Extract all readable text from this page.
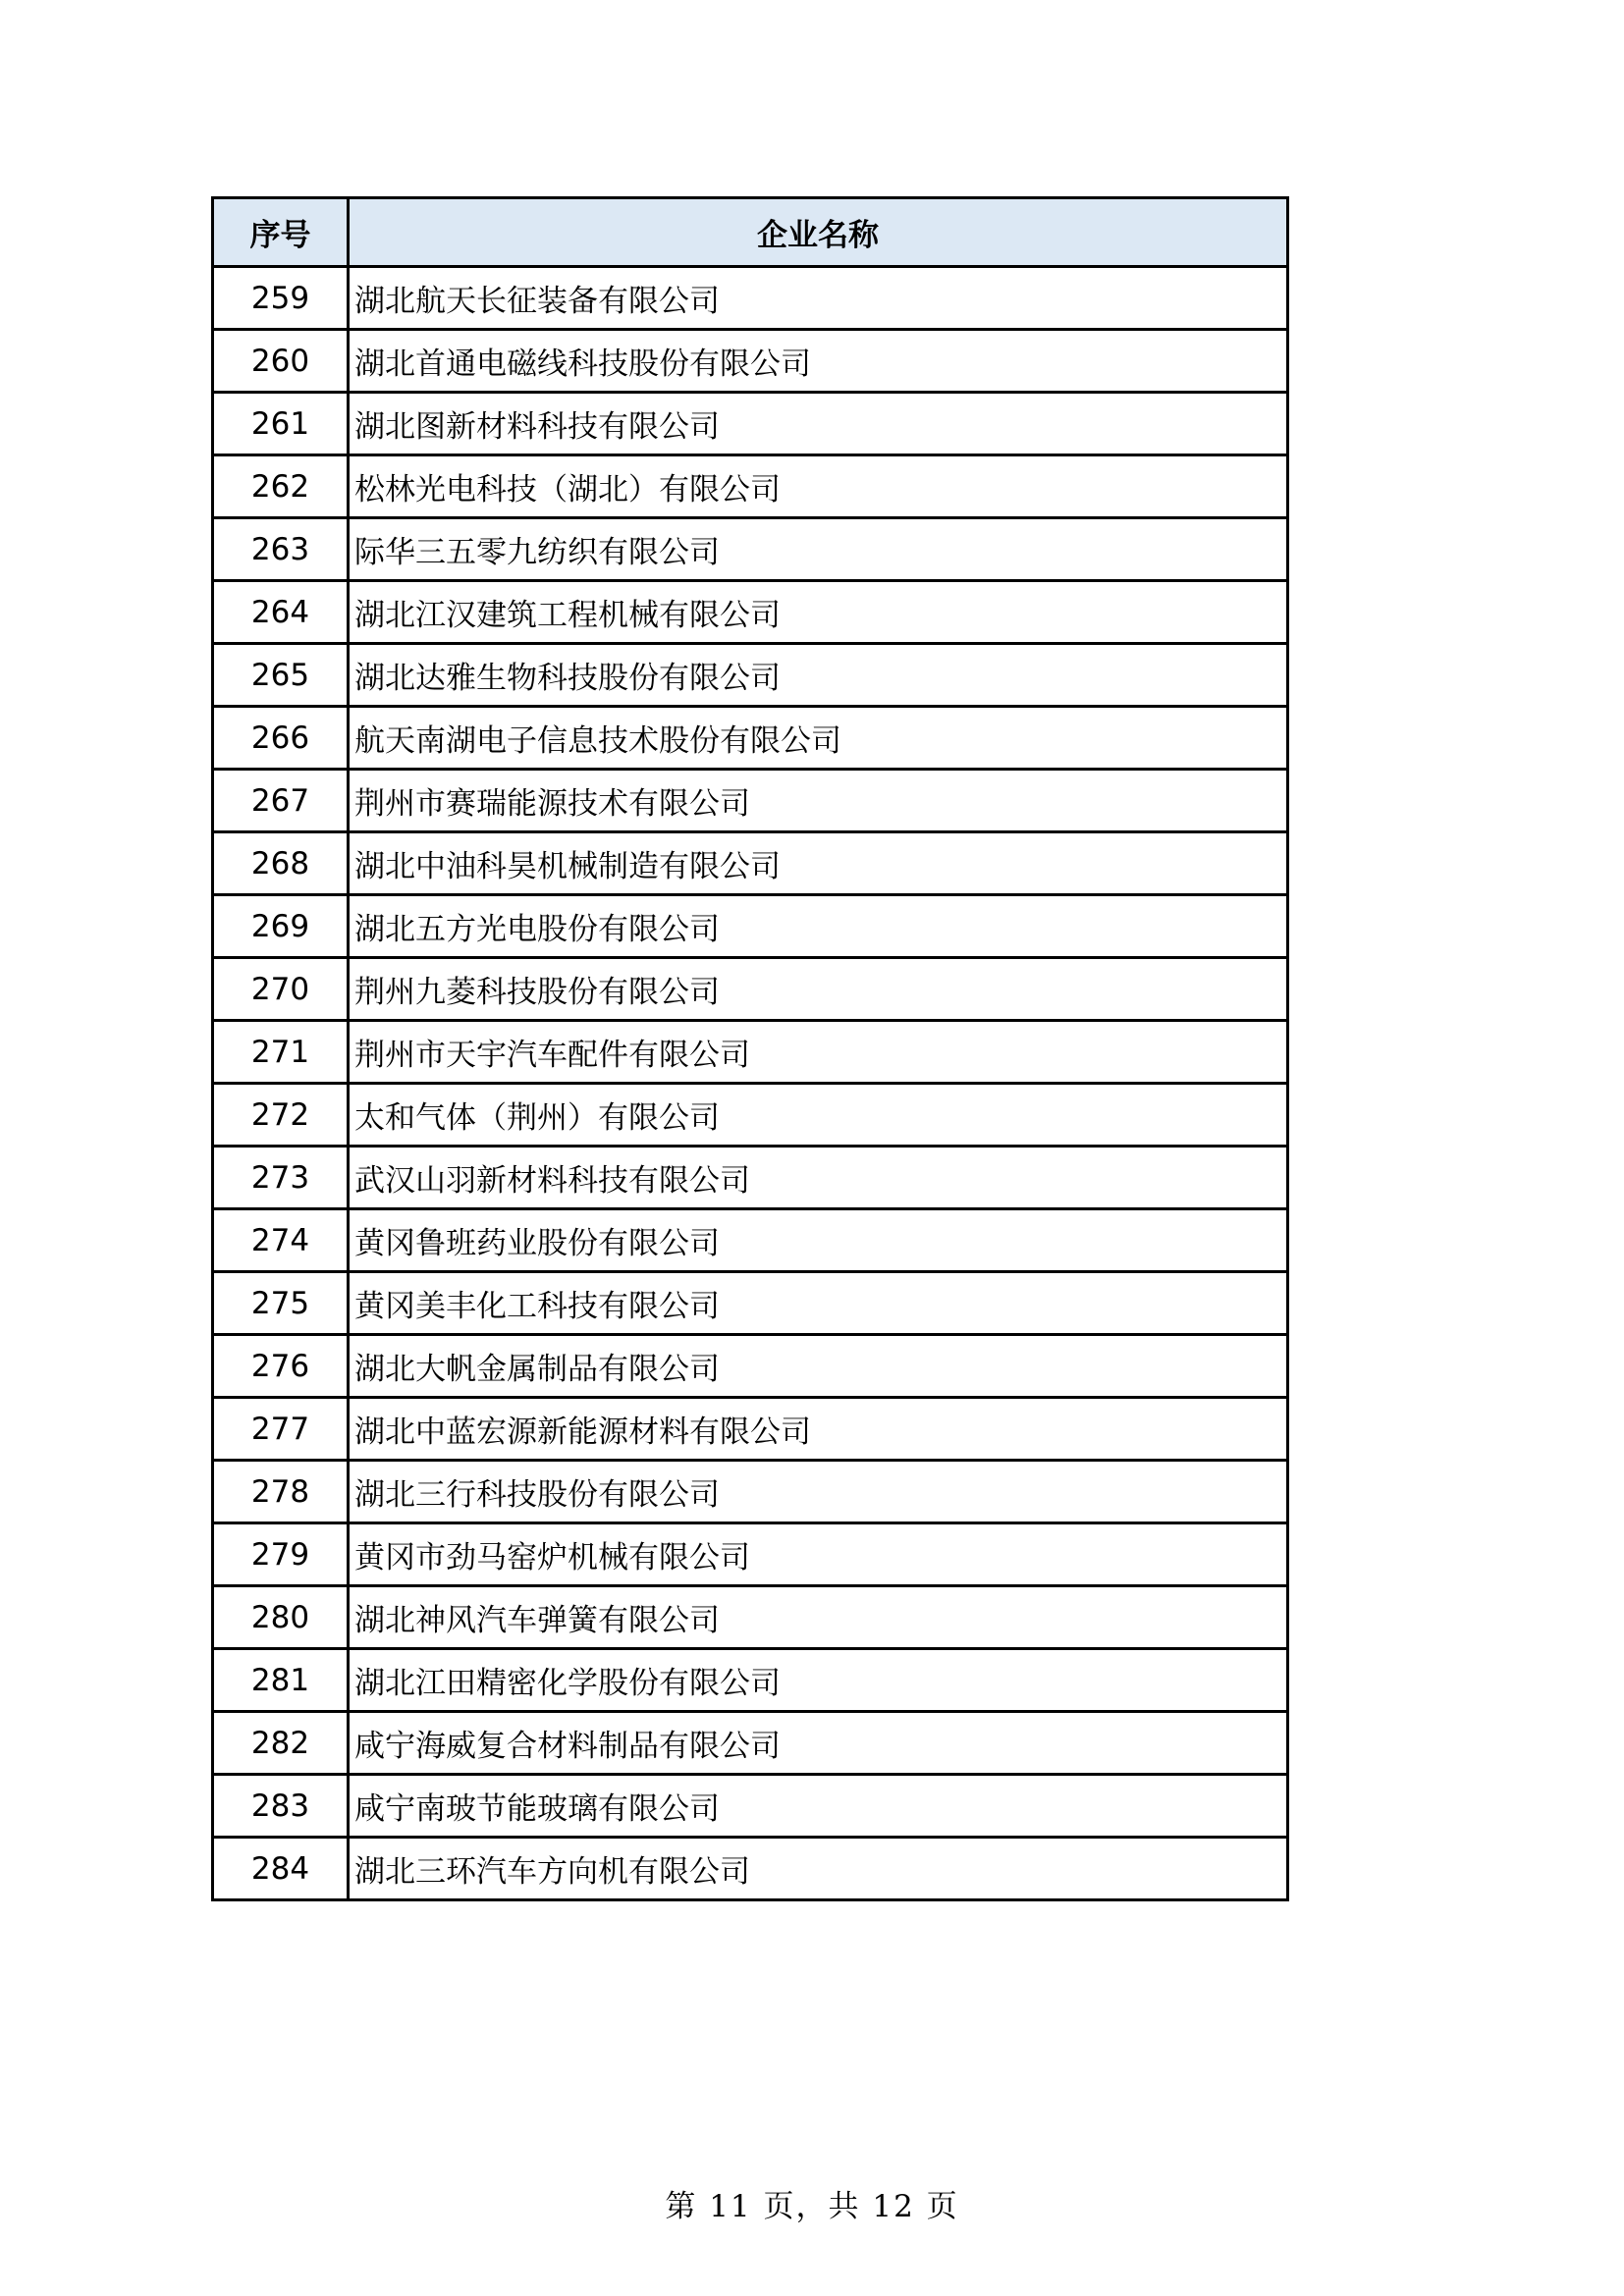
序号	企业名称
259	湖北航天长征装备有限公司
260	湖北首通电磁线科技股份有限公司
261	湖北图新材料科技有限公司
262	松林光电科技（湖北）有限公司
263	际华三五零九纺织有限公司
264	湖北江汉建筑工程机械有限公司
265	湖北达雅生物科技股份有限公司
266	航天南湖电子信息技术股份有限公司
267	荆州市赛瑞能源技术有限公司
268	湖北中油科昊机械制造有限公司
269	湖北五方光电股份有限公司
270	荆州九菱科技股份有限公司
271	荆州市天宇汽车配件有限公司
272	太和气体（荆州）有限公司
273	武汉山羽新材料科技有限公司
274	黄冈鲁班药业股份有限公司
275	黄冈美丰化工科技有限公司
276	湖北大帆金属制品有限公司
277	湖北中蓝宏源新能源材料有限公司
278	湖北三行科技股份有限公司
279	黄冈市劲马窑炉机械有限公司
280	湖北神风汽车弹簧有限公司
281	湖北江田精密化学股份有限公司
282	咸宁海威复合材料制品有限公司
283	咸宁南玻节能玻璃有限公司
284	湖北三环汽车方向机有限公司
第 11 页，共 12 页
